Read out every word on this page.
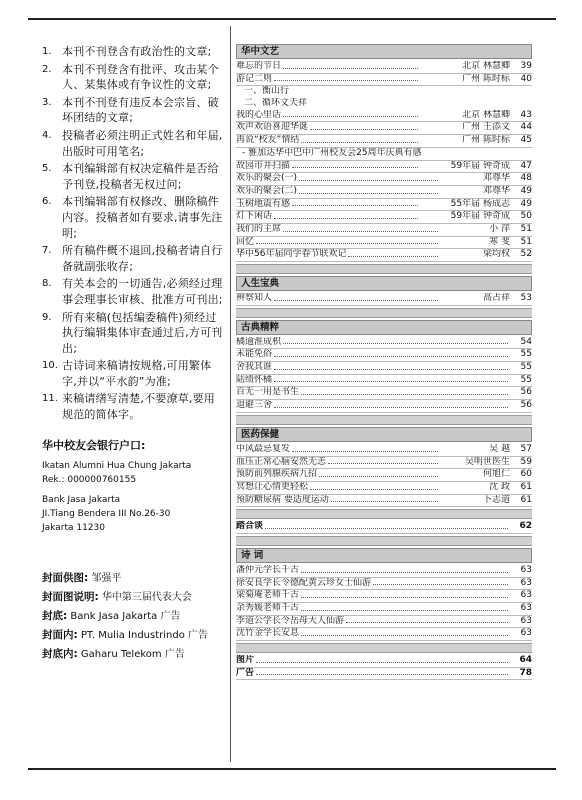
1. 本刊不刊登含有政治性的文章;
2. 本刊不刊登含有批评、攻击某个人、某集体或有争议性的文章;
3. 本刊不刊登有违反本会宗旨、破坏团结的文章;
4. 投稿者必须注明正式姓名和年届,出版时可用笔名;
5. 本刊编辑部有权决定稿件是否给予刊登,投稿者无权过问;
6. 本刊编辑部有权修改、删除稿件内容。投稿者如有要求,请事先注明;
7. 所有稿件概不退回,投稿者请自行备就副张收存;
8. 有关本会的一切通告,必须经过理事会理事长审核、批准方可刊出;
9. 所有来稿(包括编委稿件)须经过执行编辑集体审查通过后,方可刊出;
10. 古诗词来稿请按规格,可用繁体字,并以“平水韵”为准;
11. 来稿请缮写清楚,不要潦草,要用规范的简体字。
华中校友会银行户口:
Ikatan Alumni Hua Chung Jakarta
Rek.: 000000760155
Bank Jasa Jakarta
JI.Tiang Bendera III No.26-30
Jakarta 11230
封面供图: 邹强平
封面图说明: 华中第三届代表大会
封底: Bank Jasa Jakarta 广告
封面内: PT. Mulia Industrindo 广告
封底内: Gaharu Telekom 广告
华中文艺
难忘的节日	北京 林慧卿	39
游记二则	广州 陈时标	40
一、衡山行
二、循环文天祥
我的心里话	北京 林慧卿	43
欢声欢语喜迎华诞	广州 王添文	44
再说“校友”情结	广州 陈时标	45
- 雅加达华中巴中广州校友会25周年庆典有感
故园市井扫描	59年届 钟奇成	47
欢乐的聚会(一)	邓尊华	48
欢乐的聚会(二)	邓尊华	49
玉树地震有感	55年届 杨成志	49
灯下闲话	59年届 钟奇成	50
我们的主席	小 萍	51
回忆	寒 斐	51
华中56年届同学春节联欢记	梁均权	52
人生宝典
辨察知人	高占祥	53
古典精粹
橘逾淮成枳	54
未能免俗	55
舍我其谁	55
陆绩怀橘	55
百无一用是书生	56
退避三舍	56
医药保健
中风最忌复发	吴 越	57
血压正常心脑安然无恙	吴明世医生	59
预防前列腺疾病九招	何旭仁	60
冥想让心情更轻松	沈 政	61
预防糖尿病 要适度运动	卜志道	61
踏合谈	62
诗 词
潘仲元学长千古	63
徐安良学长令德配黄云珍女士仙游	63
梁菊庵老师千古	63
余秀媛老师千古	63
李道公学长令岳母大人仙游	63
沈竹金学长安息	63
图片	64
广告	78
